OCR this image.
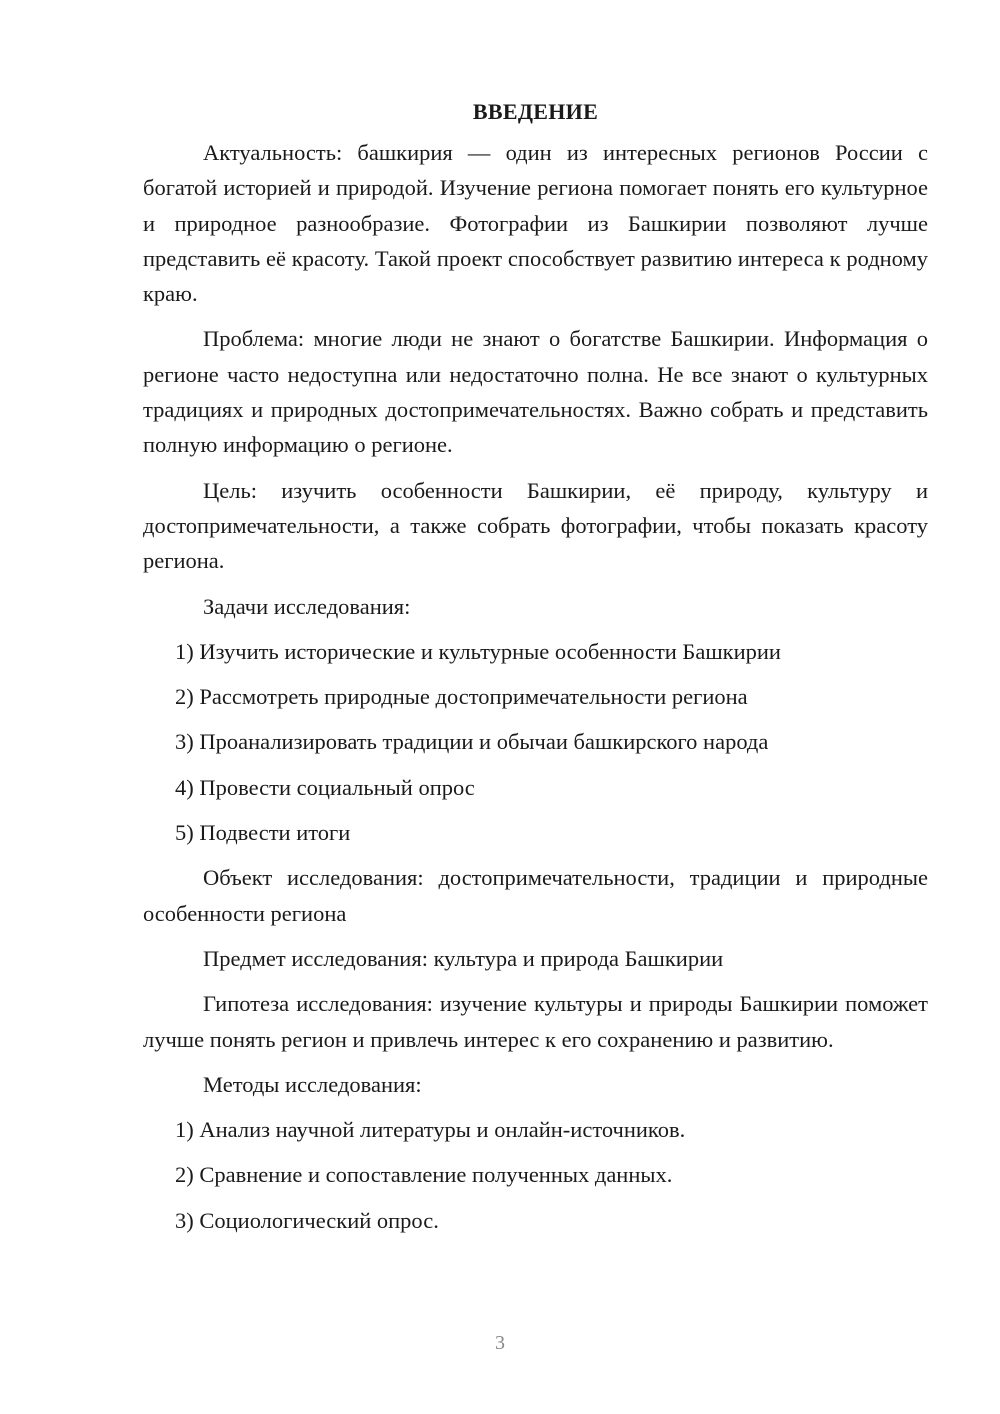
ВВЕДЕНИЕ

Актуальность: башкирия — один из интересных регионов России с богатой историей и природой. Изучение региона помогает понять его культурное и природное разнообразие. Фотографии из Башкирии позволяют лучше представить её красоту. Такой проект способствует развитию интереса к родному краю.

Проблема: многие люди не знают о богатстве Башкирии. Информация о регионе часто недоступна или недостаточно полна. Не все знают о культурных традициях и природных достопримечательностях. Важно собрать и представить полную информацию о регионе.

Цель: изучить особенности Башкирии, её природу, культуру и достопримечательности, а также собрать фотографии, чтобы показать красоту региона.

Задачи исследования:

1) Изучить исторические и культурные особенности Башкирии

2) Рассмотреть природные достопримечательности региона

3) Проанализировать традиции и обычаи башкирского народа

4) Провести социальный опрос

5) Подвести итоги

Объект исследования: достопримечательности, традиции и природные особенности региона

Предмет исследования: культура и природа Башкирии

Гипотеза исследования: изучение культуры и природы Башкирии поможет лучше понять регион и привлечь интерес к его сохранению и развитию.

Методы исследования:

1) Анализ научной литературы и онлайн-источников.

2) Сравнение и сопоставление полученных данных.

3) Социологический опрос.

3
